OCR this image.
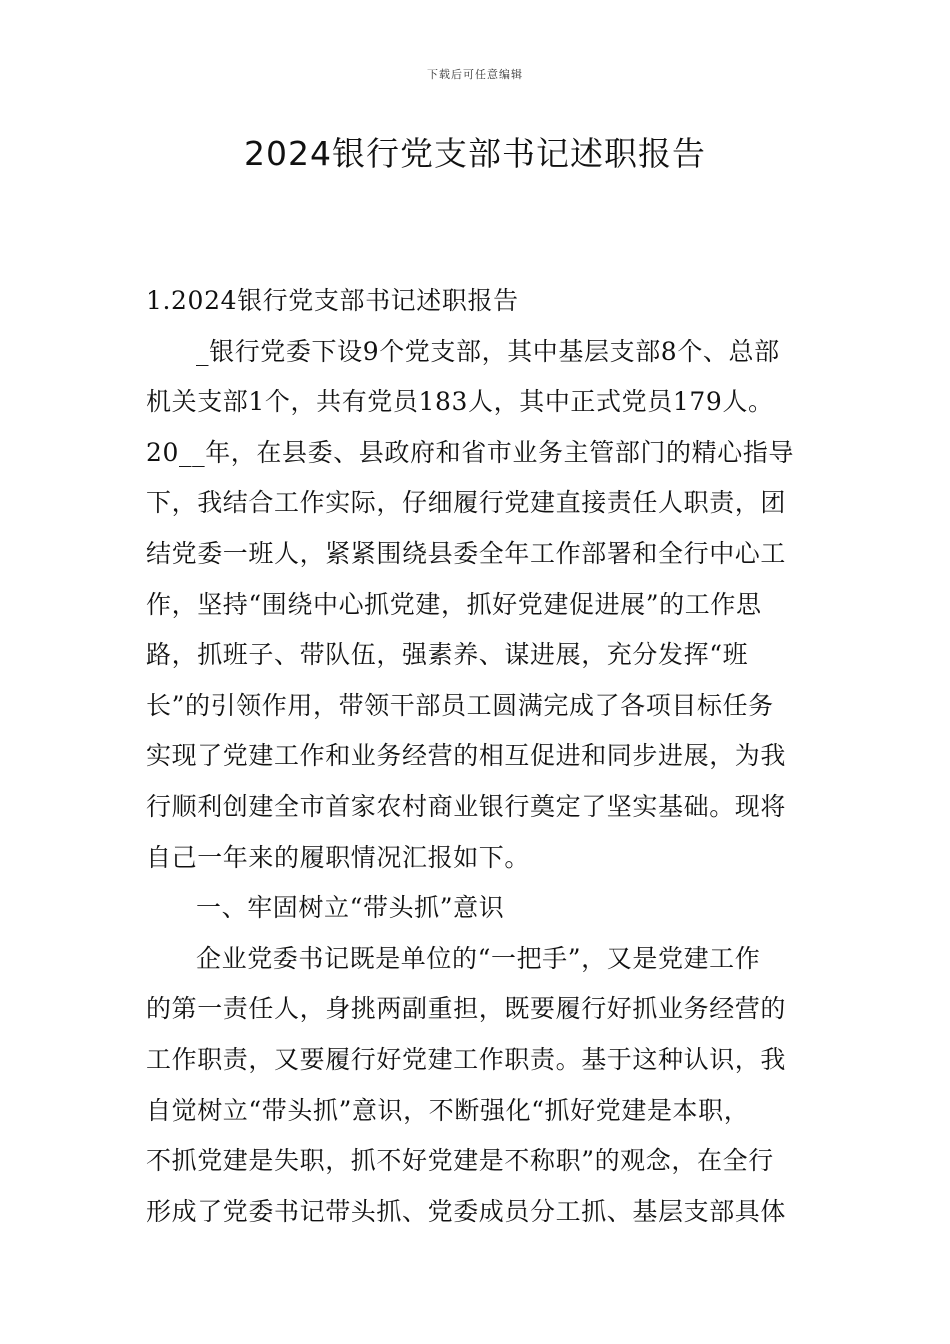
下载后可任意编辑
2024银行党支部书记述职报告
1.2024银行党支部书记述职报告
_银行党委下设9个党支部，其中基层支部8个、总部
机关支部1个，共有党员183人，其中正式党员179人。
20__年，在县委、县政府和省市业务主管部门的精心指导
下，我结合工作实际，仔细履行党建直接责任人职责，团
结党委一班人，紧紧围绕县委全年工作部署和全行中心工
作，坚持“围绕中心抓党建，抓好党建促进展”的工作思
路，抓班子、带队伍，强素养、谋进展，充分发挥“班
长”的引领作用，带领干部员工圆满完成了各项目标任务
实现了党建工作和业务经营的相互促进和同步进展，为我
行顺利创建全市首家农村商业银行奠定了坚实基础。现将
自己一年来的履职情况汇报如下。
一、牢固树立“带头抓”意识
企业党委书记既是单位的“一把手”，又是党建工作
的第一责任人，身挑两副重担，既要履行好抓业务经营的
工作职责，又要履行好党建工作职责。基于这种认识，我
自觉树立“带头抓”意识，不断强化“抓好党建是本职，
不抓党建是失职，抓不好党建是不称职”的观念，在全行
形成了党委书记带头抓、党委成员分工抓、基层支部具体
